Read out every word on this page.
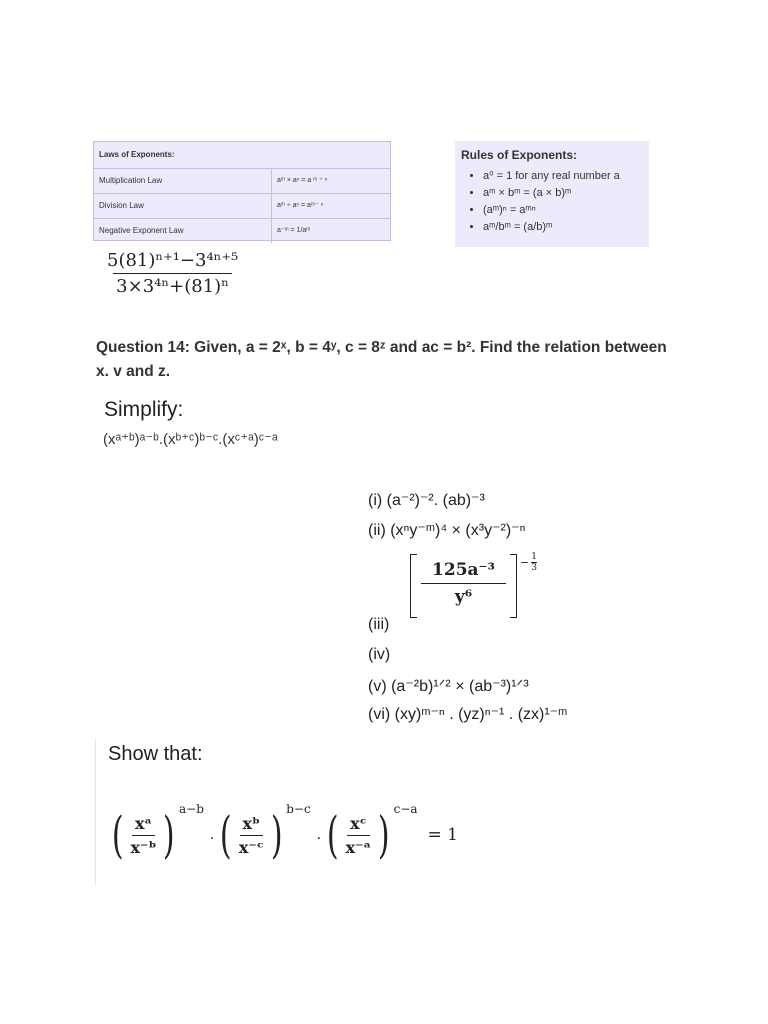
Laws of Exponents:
Multiplication Law	aᵐ × aⁿ = a ᵐ ⁺ ⁿ
Division Law	aᵐ ÷ aⁿ = aᵐ⁻ ⁿ
Negative Exponent Law	a⁻ᵐ = 1/aᵐ
Rules of Exponents:
• a⁰ = 1 for any real number a
• aᵐ × bᵐ = (a × b)ᵐ
• (aᵐ)ⁿ = aᵐⁿ
• aᵐ/bᵐ = (a/b)ᵐ
$\frac{\text{5(81)ⁿ⁺¹−3⁴ⁿ⁺⁵}}{\text{3×3⁴ⁿ+(81)ⁿ}}$
Question 14: Given, a = 2ˣ, b = 4ʸ, c = 8ᶻ and ac = b². Find the relation between x. v and z.
Simplify:
(xᵃ⁺ᵇ)ᵃ⁻ᵇ.(xᵇ⁺ᶜ)ᵇ⁻ᶜ.(xᶜ⁺ᵃ)ᶜ⁻ᵃ
(i) (a⁻²)⁻². (ab)⁻³
(ii) (xⁿy⁻ᵐ)⁴ × (x³y⁻²)⁻ⁿ
(iii)
(iv)
(v) (a⁻²b)¹ᐟ² × (ab⁻³)¹ᐟ³
(vi) (xy)ᵐ⁻ⁿ . (yz)ⁿ⁻¹ . (zx)¹⁻ᵐ
$\frac{\text{125a⁻³}}{\text{y⁶}} - \frac{1}{3}$
Show that:
( xᵃ
x⁻ᵇ ) a−b
. ( xᵇ
x⁻ᶜ ) b−c
. ( xᶜ
x⁻ᵃ ) c−a
= 1
